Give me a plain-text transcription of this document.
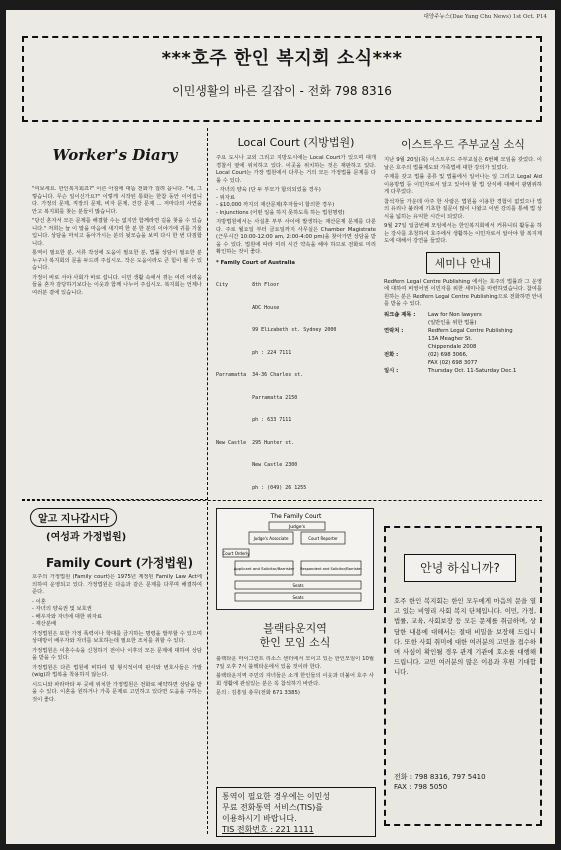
대양주뉴스(Dae Yang Chu News) 1st Oct. P14
***호주 한인 복지회 소식***
이민생활의 바른 길잡이 - 전화 798 8316
Worker's Diary

"여보세요. 한인복지회죠?" 이른 아침에 대뜸 전화가 걸려 옵니다. "네, 그렇습니다. 무슨 일이신가요?" 이렇게 시작된 통화는 한참 동안 이어집니다. 가정의 문제, 직장의 문제, 비자 문제, 건강 문제 ... 저마다의 사연을 안고 복지회를 찾는 분들이 많습니다.

"당신 혼자서 모든 문제를 해결할 수는 없지만 함께라면 길을 찾을 수 있습니다." 저희는 늘 이 말을 마음에 새기며 한 분 한 분의 이야기에 귀를 기울입니다. 상담을 마치고 돌아가시는 분의 뒷모습을 보며 다시 한 번 다짐합니다.

통역이 필요한 분, 서류 작성에 도움이 필요한 분, 법률 상담이 필요한 분 누구나 복지회의 문을 두드려 주십시오. 작은 도움이라도 큰 힘이 될 수 있습니다.

가정이 바로 서야 사회가 바로 섭니다. 이민 생활 속에서 겪는 여러 어려움들을 혼자 감당하기보다는 이웃과 함께 나누어 주십시오. 복지회는 언제나 여러분 곁에 있습니다.

Local Court (지방법원)

주요 도시나 교외 그리고 지방도시에는 Local Court가 있으며 대개 경찰서 옆에 위치하고 있다. 이곳을 위치하는 것은 재판하고 있다. Local Court는 가장 법원에서 다루는 거의 모든 가정법률 문제를 다룰 수 있다.

- 자녀의 양육 (단 두 부모가 합의되었을 경우)

- 위자료

- $10,000 까지의 재산문제(후자들이 합의한 경우)

- Injunctions (어떤 일을 하지 못하도록 하는 법원명령)

지방법원에서는 사실혼 부부 사이에 발생하는 재산문제 문제를 다룬다. 주로 월요일 부터 금요일까지 사무실은 Chamber Magistrate (근무시간 10:00-12:00 am, 2:00-4:00 pm)을 찾아가면 상담을 받을 수 있다. 법원에 따라 미리 시간 약속을 해야 하므로 전화로 미리 확인하는 것이 좋다.

* Family Court of Australia

City        8th Floor

ADC House

99 Elizabeth st. Sydney 2000

ph : 224 7111

Parramatta  34-36 Charles st.

Parramatta 2150

ph : 633 7111

New Castle  295 Hunter st.

New Castle 2300

ph : (049) 26 1255

이스트우드 주부교실 소식

지난 9월 20일(목) 이스트우드 주부교실은 6번째 모임을 갖었다. 이 날은 호주의 법률제도와 가족법에 대한 강의가 있었다.

주제를 갖고 법률 종류 및 법률에서 일어나는 일 그리고 Legal Aid 이용방법 등 이민자로서 알고 있어야 할 법 상식에 대해서 광범위하게 다루었다.

참석자들 가운데 아주 한 사람은 법원을 이용한 경험이 없었으나 법의 유리나 불리에 기초한 질문이 많이 나왔고 이번 강의를 통해 법 상식을 넓히는 유익한 시간이 되었다.

9월 27일 일곱번째 모임에서는 한인복지회에서 커뮤니티 활동을 하는 강사를 초청하여 호주에서 생활하는 이민자로서 알아야 할 복지제도에 대해서 강연을 들었다.

세미나 안내

Redfern Legal Centre Publishing 에서는 호주의 법률과 그 운영에 대하여 비영어권 이민자를 위한 세미나를 마련하였습니다. 참여를 원하는 분은 Redfern Legal Centre Publishing으로 전화하면 안내를 받을 수 있다.

워크숍 제목 :	Law for Non lawyers
(일반인을 위한 법률)
연락처 :	Redfern Legal Centre Publishing
13A Meagher St.
Chippendale 2008
전화 :	(02) 698 3066,
FAX (02) 698 3077
일시 :	Thursday Oct. 11-Saturday Dec.1
알고 지나갑시다
(여성과 가정법원)
Family Court (가정법원)

호주의 가정법원 (Family court)은 1975년 제정된 Family Law Act에 의하여 운영되고 있다. 가정법원은 다음과 같은 문제를 다루며 해결하여 준다.

- 이혼

- 자녀의 양육권 및 보호권

- 배우자와 자녀에 대한 위자료

- 재산분배

가정법원은 또한 가정 폭력이나 학대를 금지하는 명령을 발부할 수 있으며 상대방이 배우자와 자녀를 보호하는데 필요한 조치를 취할 수 있다.

가정법원은 이혼수속을 신청하기 전이나 이후의 모든 문제에 대하여 상담을 받을 수 있다.

가정법원은 다른 법원에 비하여 덜 형식적이며 판사와 변호사들은 가발(wig)과 법복을 착용하지 않는다.

시드니와 파라마타 두 곳에 위치한 가정법원은 전화로 예약하면 상담을 받을 수 있다. 이혼을 원하거나 가족 문제로 고민하고 있다면 도움을 구하는 것이 좋다.

The Family Court
Judge's
Judge's Associate	Court Reporter
Court Orderly
Applicant and Solicitor/Barrister Respondent and Solicitor/Barrister
Seats
Seats
블랙타운지역
한인 모임 소식

블랙타운 마이그런트 리소스 센터에서 모이고 있는 한인모임이 10월 7일 오후 7시 블랙타운에서 있을 것이라 한다.

블랙타운지역 주민의 자녀들은 소개 한인들의 이웃과 더불어 호주 사회 생활에 관심있는 분은 꼭 참석하기 바란다.

문의 : 김흥일 총무(전화 671 3385)

통역이 필요한 경우에는 이민성
무료 전화통역 서비스(TIS)를
이용하시기 바랍니다.
TIS 전화번호 : 221 1111
안녕 하십니까?
호주 한인 복지회는 한인 모두에게 마음의 문을 열고 있는 비영리 사회 복지 단체입니다. 이민, 가정, 법률, 교육, 사회보장 등 모든 문제를 취급하며, 상담한 내용에 대해서는 절대 비밀을 보장해 드립니다. 또한 사회 취미에 대한 여러분의 고민을 접수하며 사심이 확인될 경우 관계 기관에 호소를 대행해 드립니다. 교민 여러분의 많은 이용과 후원 기대합니다.
전화 : 798 8316, 797 5410
FAX : 798 5050
